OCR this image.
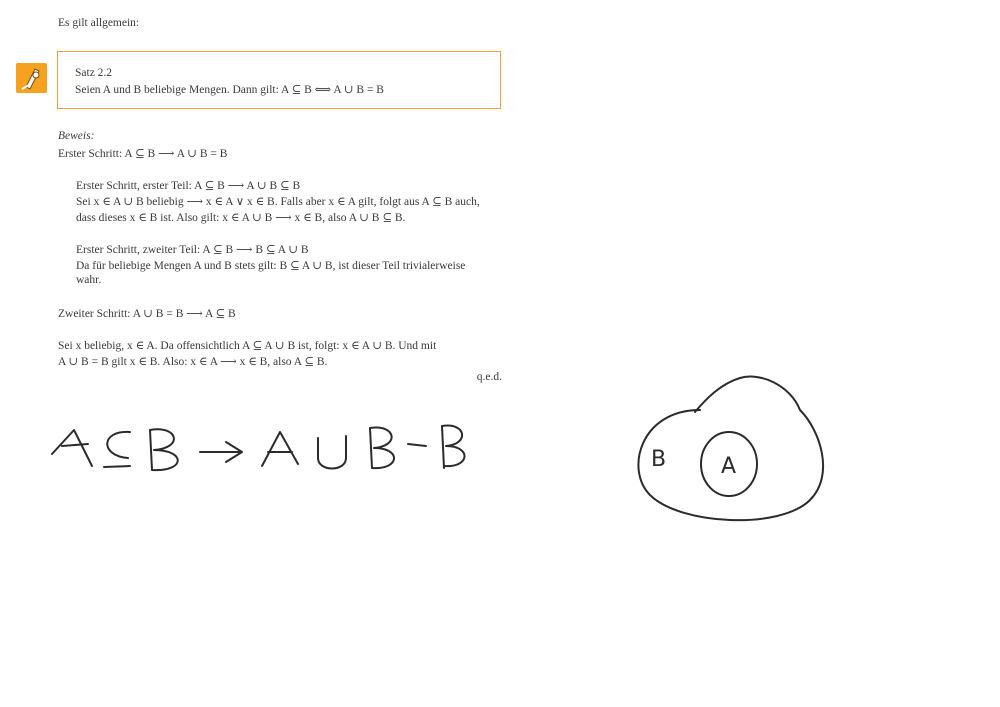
Es gilt allgemein:
Satz 2.2
Seien A und B beliebige Mengen. Dann gilt: A ⊆ B ⟺ A ∪ B = B
Beweis:
Erster Schritt: A ⊆ B ⟶ A ∪ B = B
Erster Schritt, erster Teil: A ⊆ B ⟶ A ∪ B ⊆ B
Sei x ∈ A ∪ B beliebig ⟶ x ∈ A ∨ x ∈ B. Falls aber x ∈ A gilt, folgt aus A ⊆ B auch,
dass dieses x ∈ B ist. Also gilt: x ∈ A ∪ B ⟶ x ∈ B, also A ∪ B ⊆ B.
Erster Schritt, zweiter Teil: A ⊆ B ⟶ B ⊆ A ∪ B
Da für beliebige Mengen A und B stets gilt: B ⊆ A ∪ B, ist dieser Teil trivialerweise
wahr.
Zweiter Schritt: A ∪ B = B ⟶ A ⊆ B
Sei x beliebig, x ∈ A. Da offensichtlich A ⊆ A ∪ B ist, folgt: x ∈ A ∪ B. Und mit
A ∪ B = B gilt x ∈ B. Also: x ∈ A ⟶ x ∈ B, also A ⊆ B.
q.e.d.
B A
